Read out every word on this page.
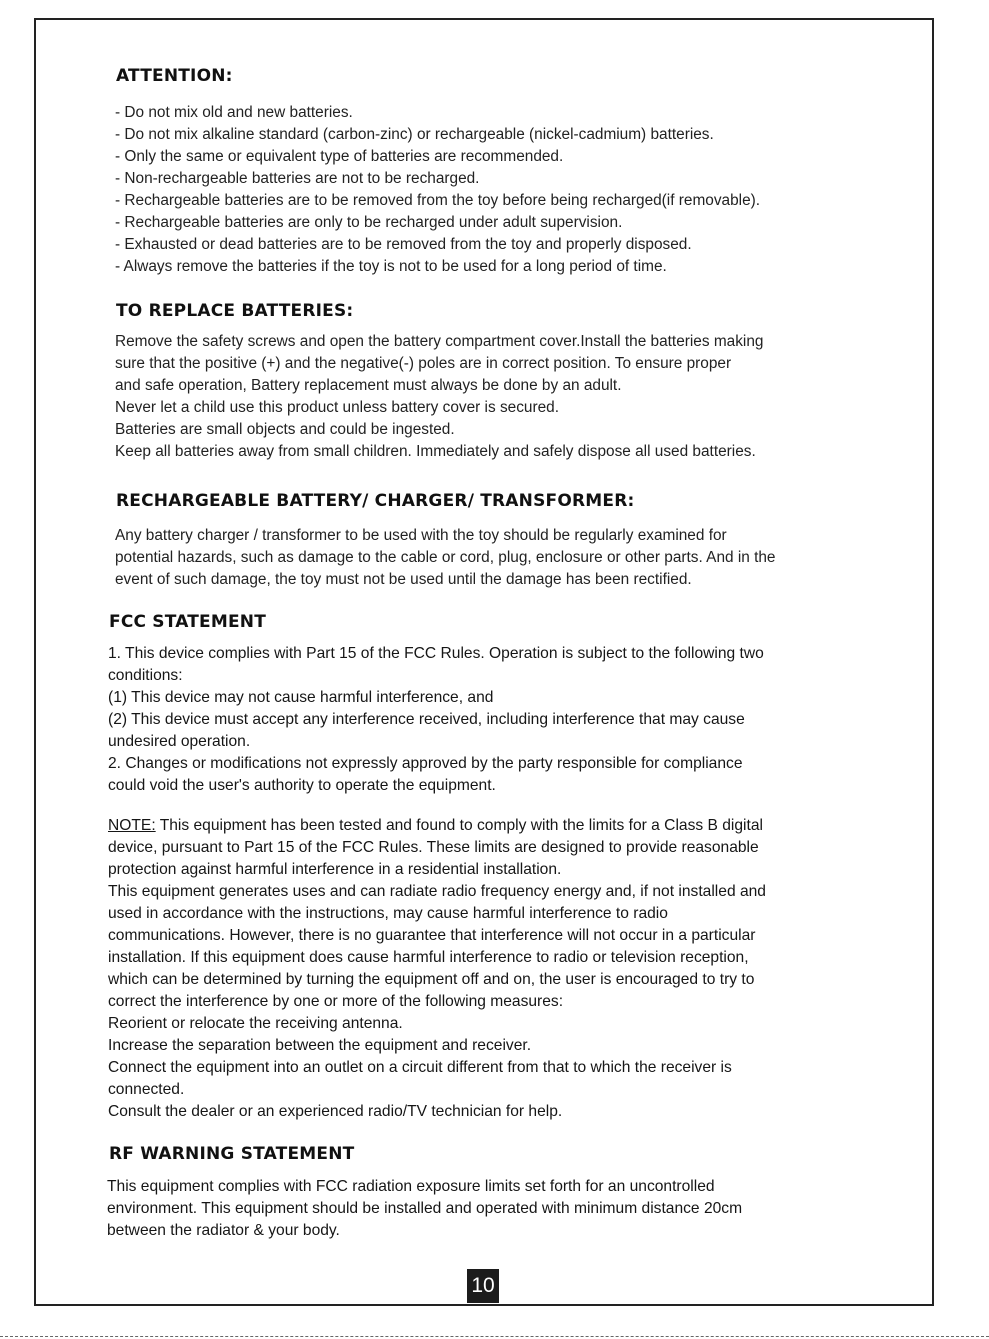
ATTENTION:
- Do not mix old and new batteries.
- Do not mix alkaline standard (carbon-zinc) or rechargeable (nickel-cadmium) batteries.
- Only the same or equivalent type of batteries are recommended.
- Non-rechargeable batteries are not to be recharged.
- Rechargeable batteries are to be removed from the toy before being recharged(if removable).
- Rechargeable batteries are only to be recharged under adult supervision.
- Exhausted or dead batteries are to be removed from the toy and properly disposed.
- Always remove the batteries if the toy is not to be used for a long period of time.
TO REPLACE BATTERIES:
Remove the safety screws and open the battery compartment cover.Install the batteries making
sure that the positive (+) and the negative(-) poles are in correct position. To ensure proper
and safe operation, Battery replacement must always be done by an adult.
Never let a child use this product unless battery cover is secured.
Batteries are small objects and could be ingested.
Keep all batteries away from small children. Immediately and safely dispose all used batteries.
RECHARGEABLE BATTERY/ CHARGER/ TRANSFORMER:
Any battery charger / transformer to be used with the toy should be regularly examined for
potential hazards, such as damage to the cable or cord, plug, enclosure or other parts. And in the
event of such damage, the toy must not be used until the damage has been rectified.
FCC STATEMENT
1. This device complies with Part 15 of the FCC Rules. Operation is subject to the following two
conditions:
(1) This device may not cause harmful interference, and
(2) This device must accept any interference received, including interference that may cause
undesired operation.
2. Changes or modifications not expressly approved by the party responsible for compliance
could void the user's authority to operate the equipment.
NOTE: This equipment has been tested and found to comply with the limits for a Class B digital
device, pursuant to Part 15 of the FCC Rules. These limits are designed to provide reasonable
protection against harmful interference in a residential installation.
This equipment generates uses and can radiate radio frequency energy and, if not installed and
used in accordance with the instructions, may cause harmful interference to radio
communications. However, there is no guarantee that interference will not occur in a particular
installation. If this equipment does cause harmful interference to radio or television reception,
which can be determined by turning the equipment off and on, the user is encouraged to try to
correct the interference by one or more of the following measures:
Reorient or relocate the receiving antenna.
Increase the separation between the equipment and receiver.
Connect the equipment into an outlet on a circuit different from that to which the receiver is
connected.
Consult the dealer or an experienced radio/TV technician for help.
RF WARNING STATEMENT
This equipment complies with FCC radiation exposure limits set forth for an uncontrolled
environment. This equipment should be installed and operated with minimum distance 20cm
between the radiator & your body.
10
